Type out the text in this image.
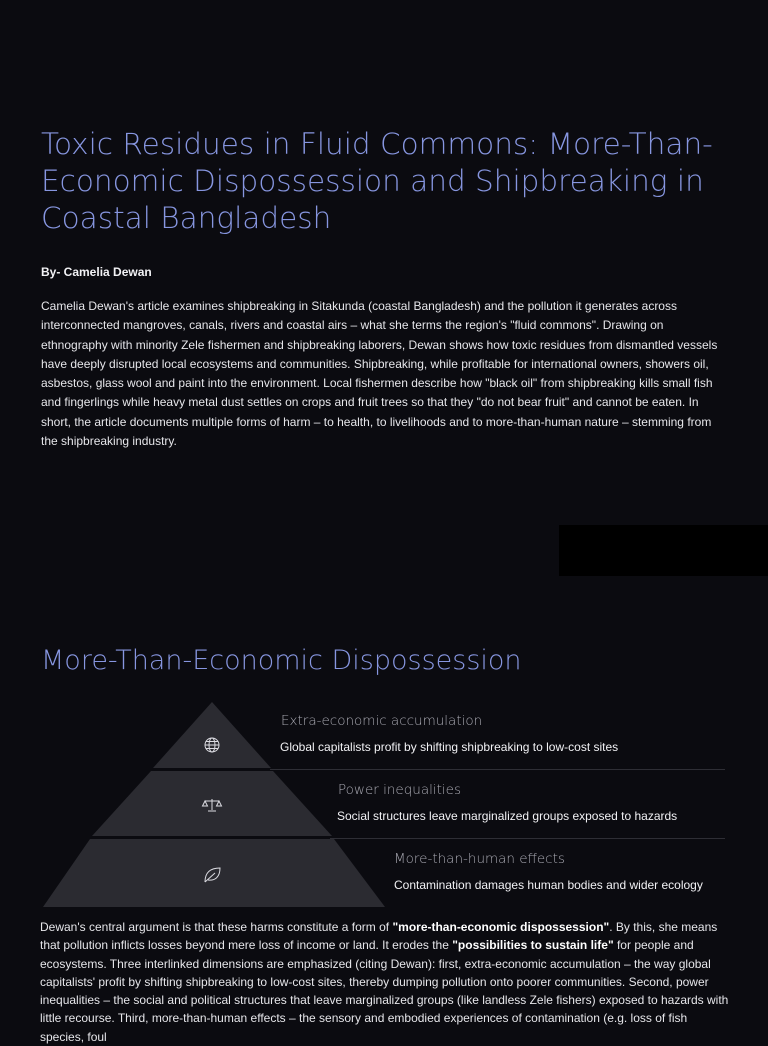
Toxic Residues in Fluid Commons: More-Than-Economic Dispossession and Shipbreaking in Coastal Bangladesh
By- Camelia Dewan

Camelia Dewan's article examines shipbreaking in Sitakunda (coastal Bangladesh) and the pollution it generates across interconnected mangroves, canals, rivers and coastal airs – what she terms the region's "fluid commons". Drawing on ethnography with minority Zele fishermen and shipbreaking laborers, Dewan shows how toxic residues from dismantled vessels have deeply disrupted local ecosystems and communities. Shipbreaking, while profitable for international owners, showers oil, asbestos, glass wool and paint into the environment. Local fishermen describe how "black oil" from shipbreaking kills small fish and fingerlings while heavy metal dust settles on crops and fruit trees so that they "do not bear fruit" and cannot be eaten. In short, the article documents multiple forms of harm – to health, to livelihoods and to more-than-human nature – stemming from the shipbreaking industry.

More-Than-Economic Dispossession
Extra-economic accumulation
Global capitalists profit by shifting shipbreaking to low-cost sites
Power inequalities
Social structures leave marginalized groups exposed to hazards
More-than-human effects
Contamination damages human bodies and wider ecology

Dewan's central argument is that these harms constitute a form of "more-than-economic dispossession". By this, she means that pollution inflicts losses beyond mere loss of income or land. It erodes the "possibilities to sustain life" for people and ecosystems. Three interlinked dimensions are emphasized (citing Dewan): first, extra-economic accumulation – the way global capitalists' profit by shifting shipbreaking to low-cost sites, thereby dumping pollution onto poorer communities. Second, power inequalities – the social and political structures that leave marginalized groups (like landless Zele fishers) exposed to hazards with little recourse. Third, more-than-human effects – the sensory and embodied experiences of contamination (e.g. loss of fish species, foul
